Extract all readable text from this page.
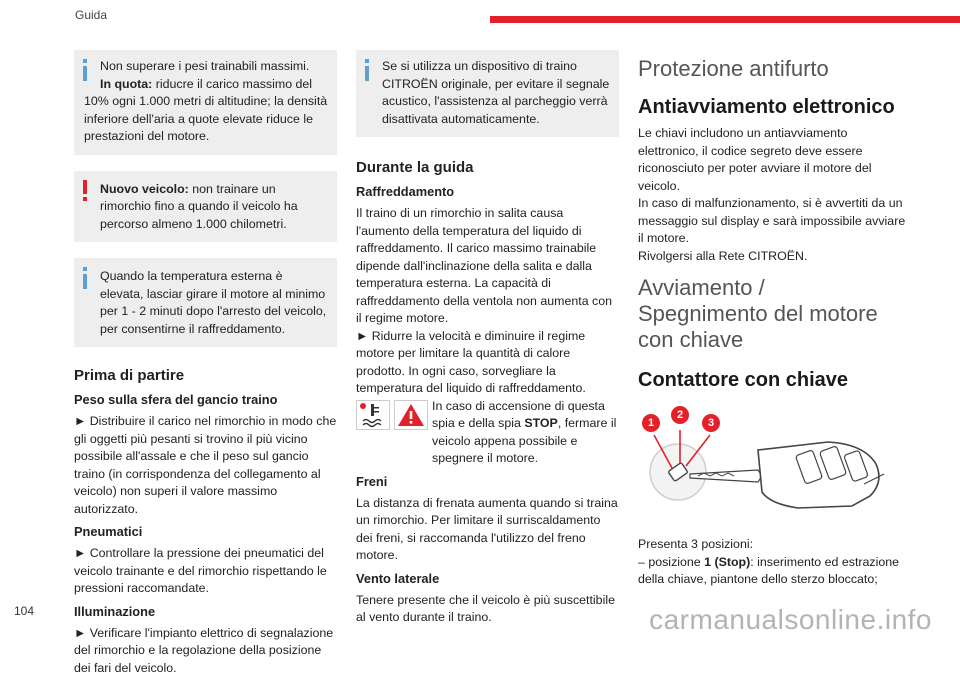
Guida

Non superare i pesi trainabili massimi.
In quota: riducre il carico massimo del 10% ogni 1.000 metri di altitudine; la densità inferiore dell'aria a quote elevate riduce le prestazioni del motore.

Nuovo veicolo: non trainare un rimorchio fino a quando il veicolo ha percorso almeno 1.000 chilometri.

Quando la temperatura esterna è elevata, lasciar girare il motore al minimo per 1 - 2 minuti dopo l'arresto del veicolo, per consentirne il raffreddamento.

Prima di partire
Peso sulla sfera del gancio traino

► Distribuire il carico nel rimorchio in modo che gli oggetti più pesanti si trovino il più vicino possibile all'assale e che il peso sul gancio traino (in corrispondenza del collegamento al veicolo) non superi il valore massimo autorizzato.

Pneumatici

► Controllare la pressione dei pneumatici del veicolo trainante e del rimorchio rispettando le pressioni raccomandate.

Illuminazione

► Verificare l'impianto elettrico di segnalazione del rimorchio e la regolazione della posizione dei fari del veicolo.

Se si utilizza un dispositivo di traino CITROËN originale, per evitare il segnale acustico, l'assistenza al parcheggio verrà disattivata automaticamente.

Durante la guida
Raffreddamento

Il traino di un rimorchio in salita causa l'aumento della temperatura del liquido di raffreddamento. Il carico massimo trainabile dipende dall'inclinazione della salita e dalla temperatura esterna. La capacità di raffreddamento della ventola non aumenta con il regime motore.

► Ridurre la velocità e diminuire il regime motore per limitare la quantità di calore prodotto. In ogni caso, sorvegliare la temperatura del liquido di raffreddamento.

In caso di accensione di questa spia e della spia STOP, fermare il veicolo appena possibile e spegnere il motore.

Freni

La distanza di frenata aumenta quando si traina un rimorchio. Per limitare il surriscaldamento dei freni, si raccomanda l'utilizzo del freno motore.

Vento laterale

Tenere presente che il veicolo è più suscettibile al vento durante il traino.

Protezione antifurto
Antiavviamento elettronico

Le chiavi includono un antiavviamento elettronico, il codice segreto deve essere riconosciuto per poter avviare il motore del veicolo.

In caso di malfunzionamento, si è avvertiti da un messaggio sul display e sarà impossibile avviare il motore.

Rivolgersi alla Rete CITROËN.

Avviamento / Spegnimento del motore con chiave
Contattore con chiave
1
2
3

Presenta 3 posizioni:

– posizione 1 (Stop): inserimento ed estrazione della chiave, piantone dello sterzo bloccato;

104	carmanualsonline.info
